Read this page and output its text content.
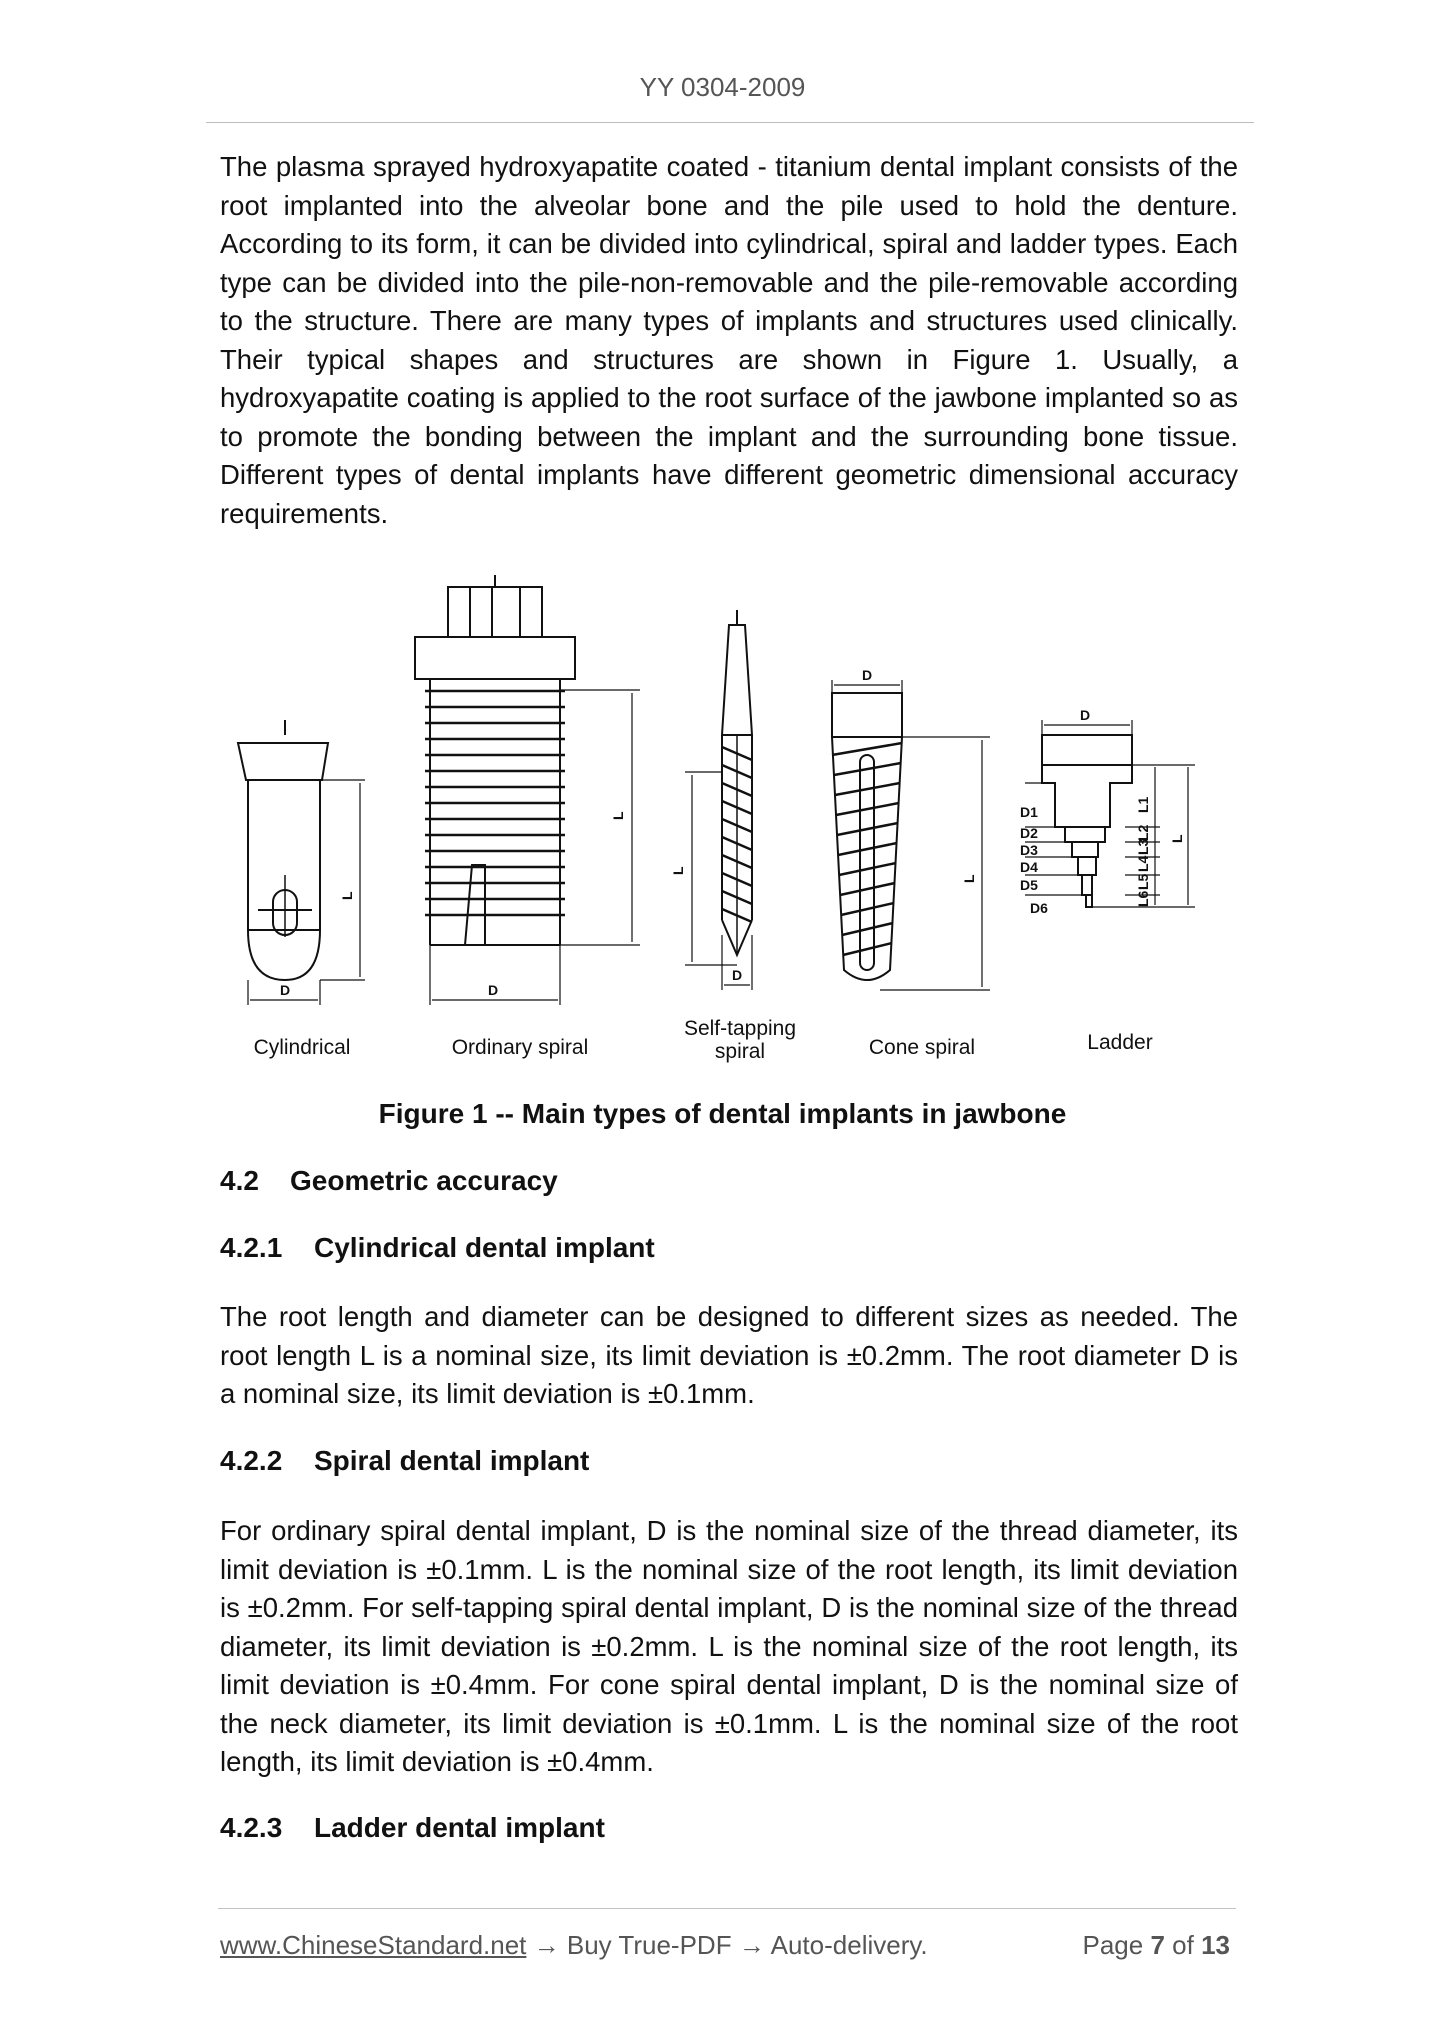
YY 0304-2009

The plasma sprayed hydroxyapatite coated - titanium dental implant consists of the root implanted into the alveolar bone and the pile used to hold the denture. According to its form, it can be divided into cylindrical, spiral and ladder types. Each type can be divided into the pile-non-removable and the pile-removable according to the structure. There are many types of implants and structures used clinically. Their typical shapes and structures are shown in Figure 1. Usually, a hydroxyapatite coating is applied to the root surface of the jawbone implanted so as to promote the bonding between the implant and the surrounding bone tissue. Different types of dental implants have different geometric dimensional accuracy requirements.

L
D
L
D
L
D
D
L
D
D1
D2
D3
D4
D5
D6
L1
L2
L3
L4
L5
L6
L
Cylindrical	Ordinary spiral
Self-tapping
spiral	Cone spiral	Ladder
Figure 1 -- Main types of dental implants in jawbone
4.2 Geometric accuracy
4.2.1 Cylindrical dental implant

The root length and diameter can be designed to different sizes as needed. The root length L is a nominal size, its limit deviation is ±0.2mm. The root diameter D is a nominal size, its limit deviation is ±0.1mm.

4.2.2 Spiral dental implant

For ordinary spiral dental implant, D is the nominal size of the thread diameter, its limit deviation is ±0.1mm. L is the nominal size of the root length, its limit deviation is ±0.2mm. For self-tapping spiral dental implant, D is the nominal size of the thread diameter, its limit deviation is ±0.2mm. L is the nominal size of the root length, its limit deviation is ±0.4mm. For cone spiral dental implant, D is the nominal size of the neck diameter, its limit deviation is ±0.1mm. L is the nominal size of the root length, its limit deviation is ±0.4mm.

4.2.3 Ladder dental implant
www.ChineseStandard.net → Buy True-PDF → Auto-delivery.	Page 7 of 13
